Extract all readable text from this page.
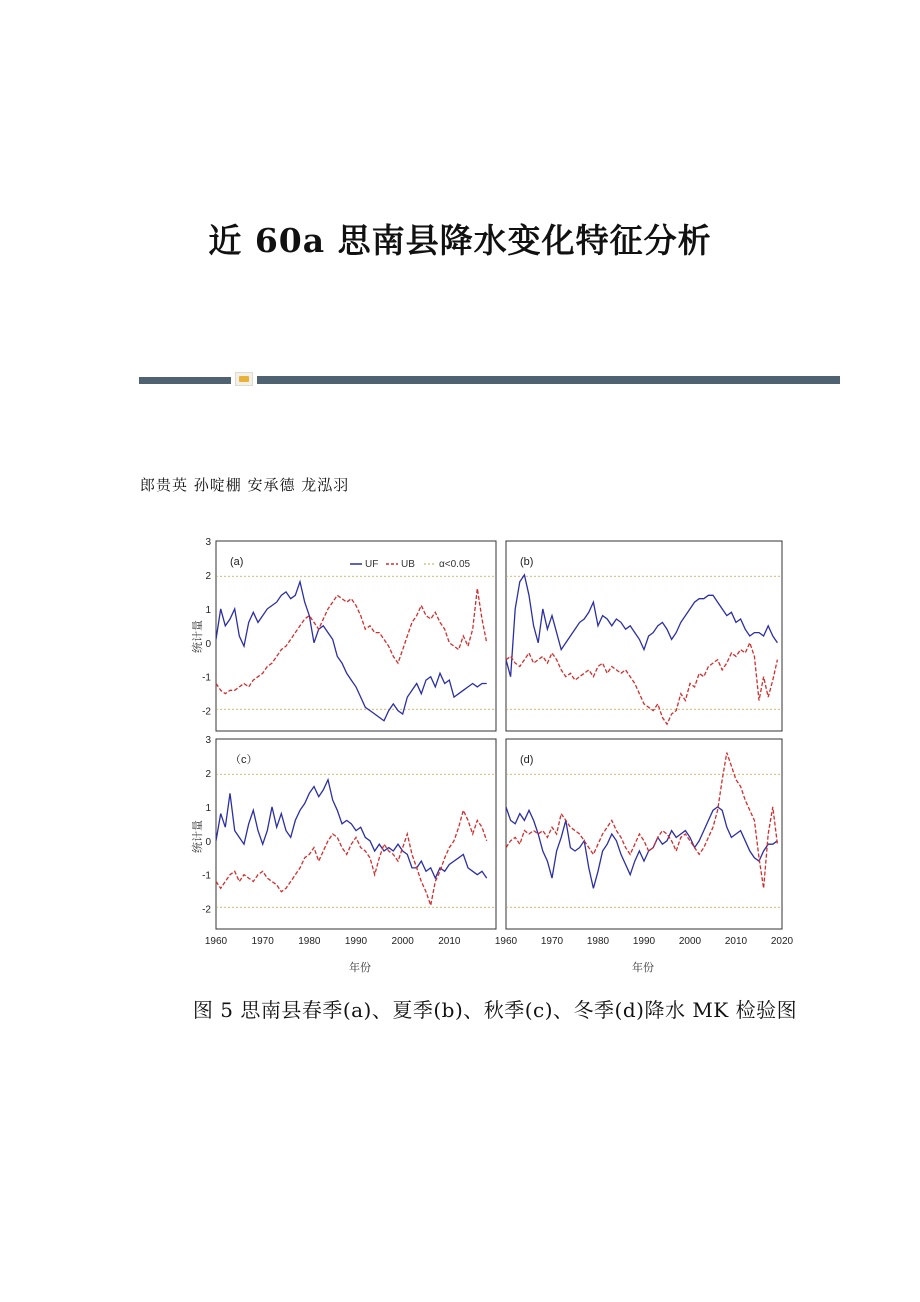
近 60a 思南县降水变化特征分析
郎贵英 孙啶棚 安承德 龙泓羽
(a)
3
2
1
0
-1
-2
(b)
（c）
3
2
1
0
-1
-2
(d)
1960 1970 1980 1990 2000 2010	1960 1970 1980 1990 2000 2010 2020
统计量
统计量
年份	年份
UF UB α<0.05
图 5 思南县春季(a)、夏季(b)、秋季(c)、冬季(d)降水 MK 检验图
